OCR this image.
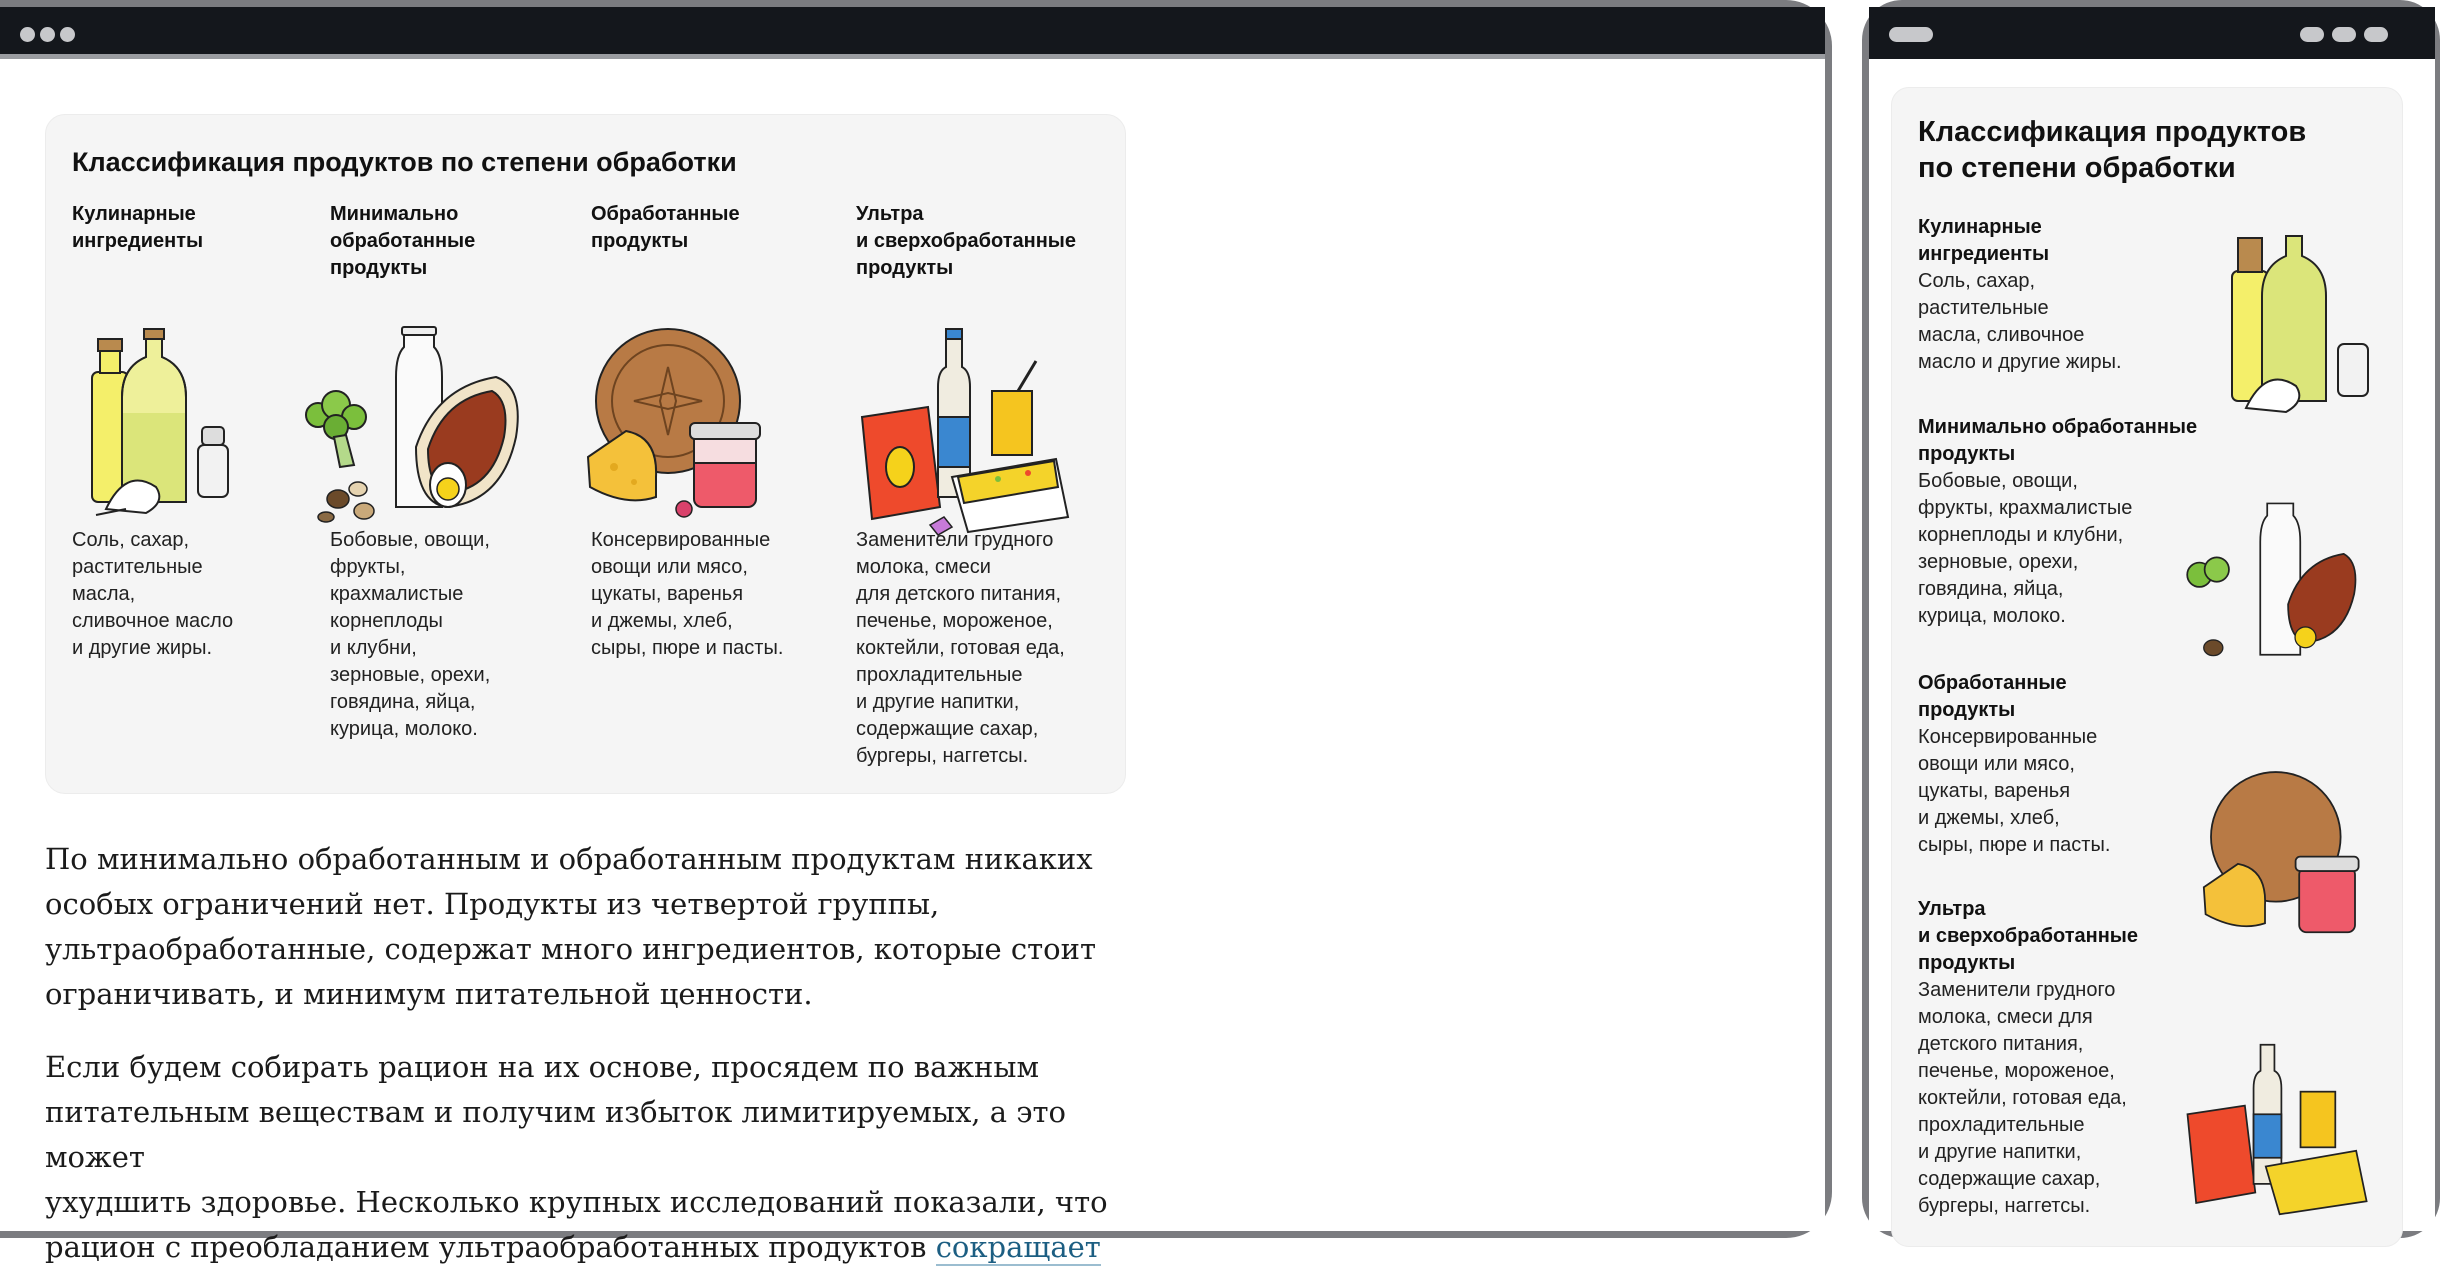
Классификация продуктов по степени обработки
Кулинарные
ингредиенты
Соль, сахар,
растительные
масла,
сливочное масло
и другие жиры.
Минимально
обработанные
продукты
Бобовые, овощи,
фрукты,
крахмалистые
корнеплоды
и клубни,
зерновые, орехи,
говядина, яйца,
курица, молоко.
Обработанные
продукты
Консервированные
овощи или мясо,
цукаты, варенья
и джемы, хлеб,
сыры, пюре и пасты.
Ультра
и сверхобработанные
продукты
Заменители грудного
молока, смеси
для детского питания,
печенье, мороженое,
коктейли, готовая еда,
прохладительные
и другие напитки,
содержащие сахар,
бургеры, наггетсы.
По минимально обработанным и обработанным продуктам никаких
особых ограничений нет. Продукты из четвертой группы,
ультраобработанные, содержат много ингредиентов, которые стоит
ограничивать, и минимум питательной ценности.
Если будем собирать рацион на их основе, просядем по важным
питательным веществам и получим избыток лимитируемых, а это может
ухудшить здоровье. Несколько крупных исследований показали, что
рацион с преобладанием ультраобработанных продуктов сокращает
Классификация продуктов
по степени обработки
Кулинарные
ингредиенты
Соль, сахар,
растительные
масла, сливочное
масло и другие жиры.
Минимально обработанные
продукты
Бобовые, овощи,
фрукты, крахмалистые
корнеплоды и клубни,
зерновые, орехи,
говядина, яйца,
курица, молоко.
Обработанные
продукты
Консервированные
овощи или мясо,
цукаты, варенья
и джемы, хлеб,
сыры, пюре и пасты.
Ультра
и сверхобработанные
продукты
Заменители грудного
молока, смеси для
детского питания,
печенье, мороженое,
коктейли, готовая еда,
прохладительные
и другие напитки,
содержащие сахар,
бургеры, наггетсы.
